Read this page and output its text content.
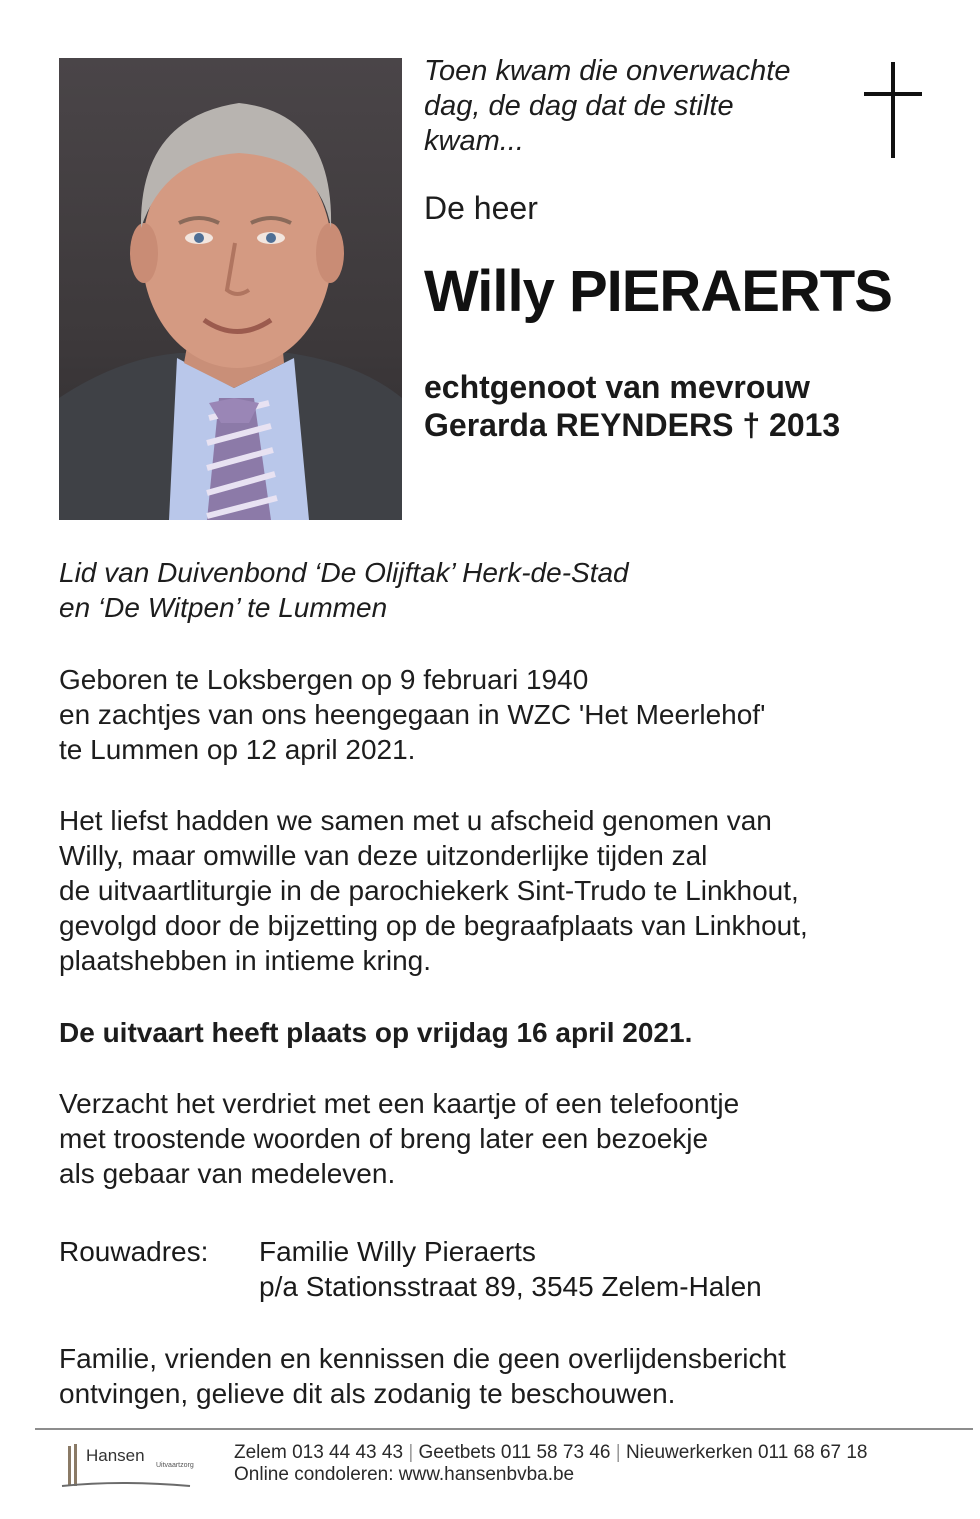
Toen kwam die onverwachte
dag, de dag dat de stilte
kwam...
De heer
Willy PIERAERTS
echtgenoot van mevrouw
Gerarda REYNDERS † 2013
Lid van Duivenbond ‘De Olijftak’ Herk-de-Stad
en ‘De Witpen’ te Lummen
Geboren te Loksbergen op 9 februari 1940
en zachtjes van ons heengegaan in WZC 'Het Meerlehof'
te Lummen op 12 april 2021.
Het liefst hadden we samen met u afscheid genomen van
Willy, maar omwille van deze uitzonderlijke tijden zal
de uitvaartliturgie in de parochiekerk Sint-Trudo te Linkhout,
gevolgd door de bijzetting op de begraafplaats van Linkhout,
plaatshebben in intieme kring.
De uitvaart heeft plaats op vrijdag 16 april 2021.
Verzacht het verdriet met een kaartje of een telefoontje
met troostende woorden of breng later een bezoekje
als gebaar van medeleven.
Rouwadres: Familie Willy Pieraerts
p/a Stationsstraat 89, 3545 Zelem-Halen
Familie, vrienden en kennissen die geen overlijdensbericht
ontvingen, gelieve dit als zodanig te beschouwen.
Hansen
Uitvaartzorg
Zelem 013 44 43 43 | Geetbets 011 58 73 46 | Nieuwerkerken 011 68 67 18
Online condoleren: www.hansenbvba.be
